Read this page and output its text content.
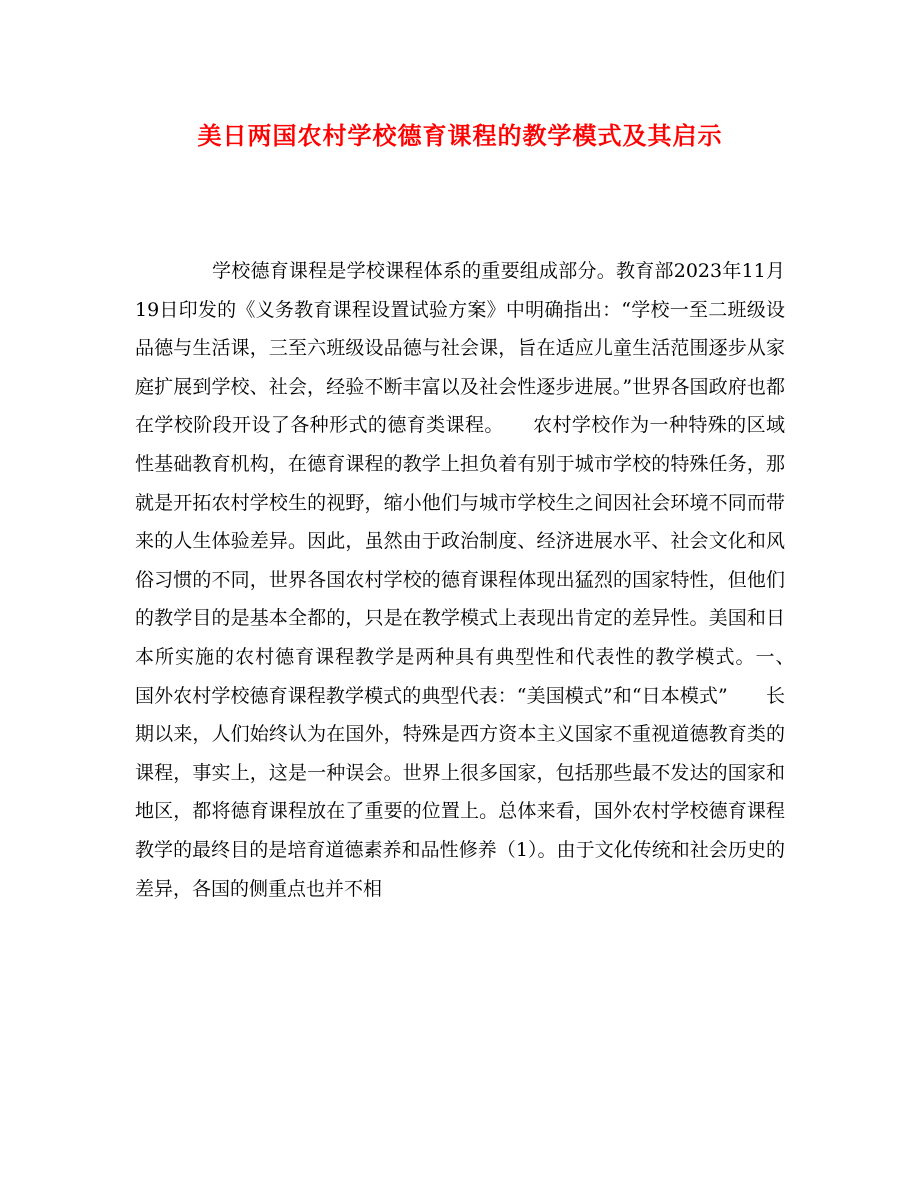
美日两国农村学校德育课程的教学模式及其启示

　　　　学校德育课程是学校课程体系的重要组成部分。教育部2023年11月19日印发的《义务教育课程设置试验方案》中明确指出：“学校一至二班级设品德与生活课，三至六班级设品德与社会课，旨在适应儿童生活范围逐步从家庭扩展到学校、社会，经验不断丰富以及社会性逐步进展。”世界各国政府也都在学校阶段开设了各种形式的德育类课程。　　农村学校作为一种特殊的区域性基础教育机构，在德育课程的教学上担负着有别于城市学校的特殊任务，那就是开拓农村学校生的视野，缩小他们与城市学校生之间因社会环境不同而带来的人生体验差异。因此，虽然由于政治制度、经济进展水平、社会文化和风俗习惯的不同，世界各国农村学校的德育课程体现出猛烈的国家特性，但他们的教学目的是基本全都的，只是在教学模式上表现出肯定的差异性。美国和日本所实施的农村德育课程教学是两种具有典型性和代表性的教学模式。一、　国外农村学校德育课程教学模式的典型代表：“美国模式”和“日本模式”　　长期以来，人们始终认为在国外，特殊是西方资本主义国家不重视道德教育类的课程，事实上，这是一种误会。世界上很多国家，包括那些最不发达的国家和地区，都将德育课程放在了重要的位置上。总体来看，国外农村学校德育课程教学的最终目的是培育道德素养和品性修养（1）。由于文化传统和社会历史的差异，各国的侧重点也并不相
